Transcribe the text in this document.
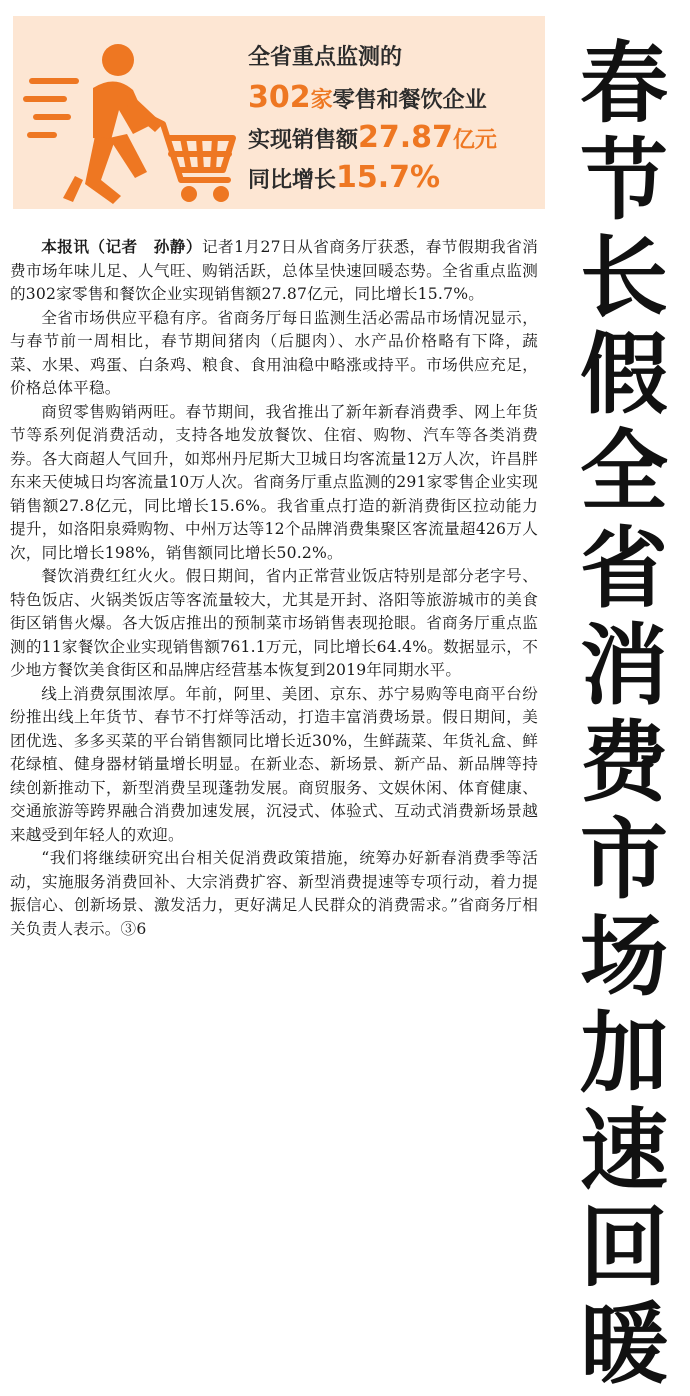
全省重点监测的
302家零售和餐饮企业
实现销售额27.87亿元
同比增长15.7%

本报讯（记者　孙静）记者1月27日从省商务厅获悉，春节假期我省消费市场年味儿足、人气旺、购销活跃，总体呈快速回暖态势。全省重点监测的302家零售和餐饮企业实现销售额27.87亿元，同比增长15.7%。

全省市场供应平稳有序。省商务厅每日监测生活必需品市场情况显示，与春节前一周相比，春节期间猪肉（后腿肉）、水产品价格略有下降，蔬菜、水果、鸡蛋、白条鸡、粮食、食用油稳中略涨或持平。市场供应充足，价格总体平稳。

商贸零售购销两旺。春节期间，我省推出了新年新春消费季、网上年货节等系列促消费活动，支持各地发放餐饮、住宿、购物、汽车等各类消费券。各大商超人气回升，如郑州丹尼斯大卫城日均客流量12万人次，许昌胖东来天使城日均客流量10万人次。省商务厅重点监测的291家零售企业实现销售额27.8亿元，同比增长15.6%。我省重点打造的新消费街区拉动能力提升，如洛阳泉舜购物、中州万达等12个品牌消费集聚区客流量超426万人次，同比增长198%，销售额同比增长50.2%。

餐饮消费红红火火。假日期间，省内正常营业饭店特别是部分老字号、特色饭店、火锅类饭店等客流量较大，尤其是开封、洛阳等旅游城市的美食街区销售火爆。各大饭店推出的预制菜市场销售表现抢眼。省商务厅重点监测的11家餐饮企业实现销售额761.1万元，同比增长64.4%。数据显示，不少地方餐饮美食街区和品牌店经营基本恢复到2019年同期水平。

线上消费氛围浓厚。年前，阿里、美团、京东、苏宁易购等电商平台纷纷推出线上年货节、春节不打烊等活动，打造丰富消费场景。假日期间，美团优选、多多买菜的平台销售额同比增长近30%，生鲜蔬菜、年货礼盒、鲜花绿植、健身器材销量增长明显。在新业态、新场景、新产品、新品牌等持续创新推动下，新型消费呈现蓬勃发展。商贸服务、文娱休闲、体育健康、交通旅游等跨界融合消费加速发展，沉浸式、体验式、互动式消费新场景越来越受到年轻人的欢迎。

“我们将继续研究出台相关促消费政策措施，统筹办好新春消费季等活动，实施服务消费回补、大宗消费扩容、新型消费提速等专项行动，着力提振信心、创新场景、激发活力，更好满足人民群众的消费需求。”省商务厅相关负责人表示。③6

春
节
长
假
全
省
消
费
市
场
加
速
回
暖
